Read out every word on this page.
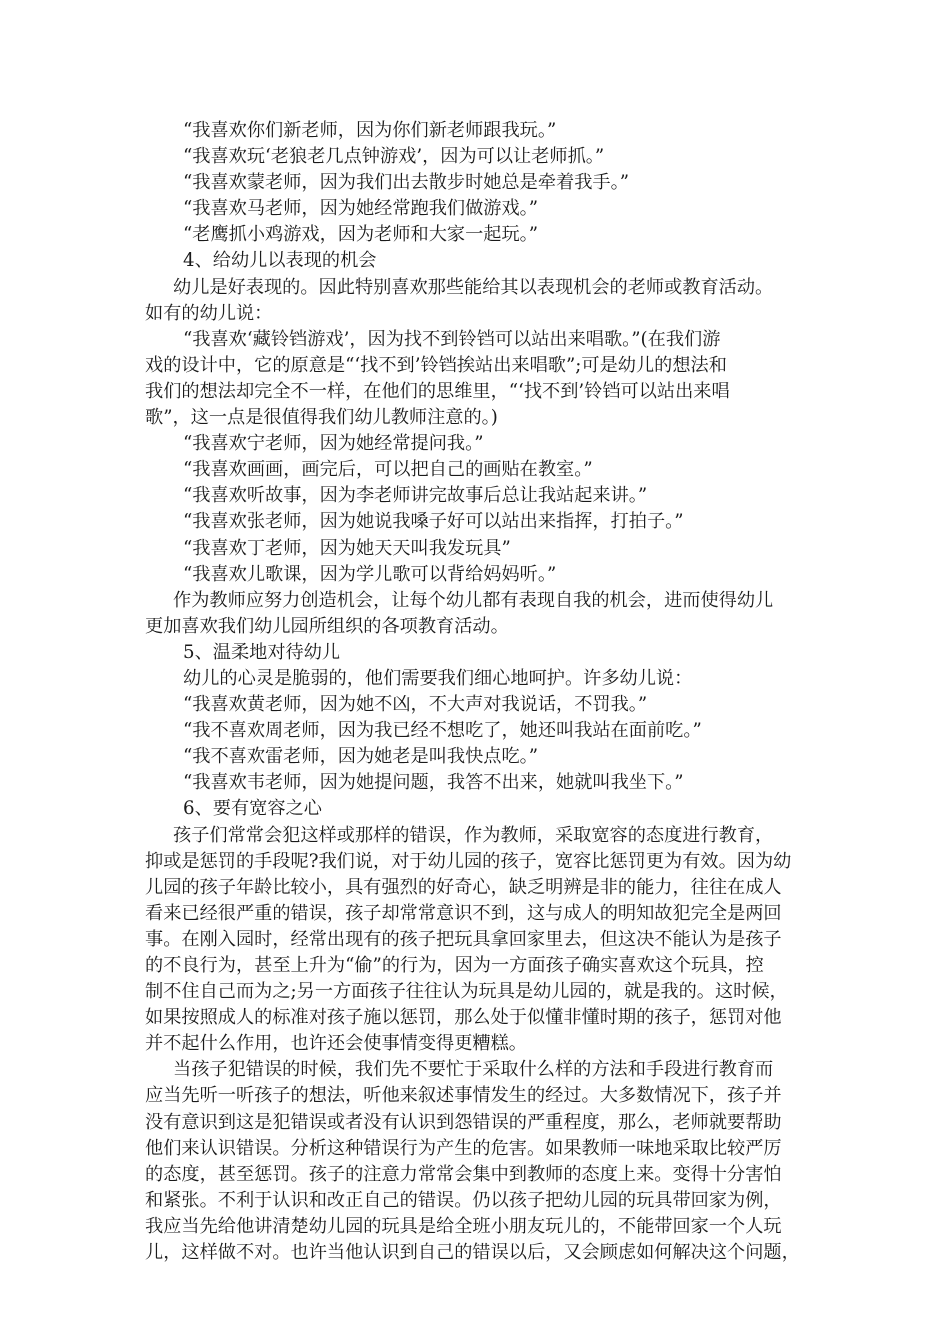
“我喜欢你们新老师，因为你们新老师跟我玩。”
“我喜欢玩‘老狼老几点钟游戏’，因为可以让老师抓。”
“我喜欢蒙老师，因为我们出去散步时她总是牵着我手。”
“我喜欢马老师，因为她经常跑我们做游戏。”
“老鹰抓小鸡游戏，因为老师和大家一起玩。”
4、给幼儿以表现的机会
幼儿是好表现的。因此特别喜欢那些能给其以表现机会的老师或教育活动。
如有的幼儿说：
“我喜欢‘藏铃铛游戏’，因为找不到铃铛可以站出来唱歌。”(在我们游
戏的设计中，它的原意是“‘找不到’铃铛挨站出来唱歌”;可是幼儿的想法和
我们的想法却完全不一样，在他们的思维里，“‘找不到’铃铛可以站出来唱
歌”，这一点是很值得我们幼儿教师注意的。)
“我喜欢宁老师，因为她经常提问我。”
“我喜欢画画，画完后，可以把自己的画贴在教室。”
“我喜欢听故事，因为李老师讲完故事后总让我站起来讲。”
“我喜欢张老师，因为她说我嗓子好可以站出来指挥，打拍子。”
“我喜欢丁老师，因为她天天叫我发玩具”
“我喜欢儿歌课，因为学儿歌可以背给妈妈听。”
作为教师应努力创造机会，让每个幼儿都有表现自我的机会，进而使得幼儿
更加喜欢我们幼儿园所组织的各项教育活动。
5、温柔地对待幼儿
幼儿的心灵是脆弱的，他们需要我们细心地呵护。许多幼儿说：
“我喜欢黄老师，因为她不凶，不大声对我说话，不罚我。”
“我不喜欢周老师，因为我已经不想吃了，她还叫我站在面前吃。”
“我不喜欢雷老师，因为她老是叫我快点吃。”
“我喜欢韦老师，因为她提问题，我答不出来，她就叫我坐下。”
6、要有宽容之心
孩子们常常会犯这样或那样的错误，作为教师，采取宽容的态度进行教育，
抑或是惩罚的手段呢?我们说，对于幼儿园的孩子，宽容比惩罚更为有效。因为幼
儿园的孩子年龄比较小，具有强烈的好奇心，缺乏明辨是非的能力，往往在成人
看来已经很严重的错误，孩子却常常意识不到，这与成人的明知故犯完全是两回
事。在刚入园时，经常出现有的孩子把玩具拿回家里去，但这决不能认为是孩子
的不良行为，甚至上升为“偷”的行为，因为一方面孩子确实喜欢这个玩具，控
制不住自己而为之;另一方面孩子往往认为玩具是幼儿园的，就是我的。这时候，
如果按照成人的标准对孩子施以惩罚，那么处于似懂非懂时期的孩子，惩罚对他
并不起什么作用，也许还会使事情变得更糟糕。
当孩子犯错误的时候，我们先不要忙于采取什么样的方法和手段进行教育而
应当先听一听孩子的想法，听他来叙述事情发生的经过。大多数情况下，孩子并
没有意识到这是犯错误或者没有认识到怨错误的严重程度，那么，老师就要帮助
他们来认识错误。分析这种错误行为产生的危害。如果教师一味地采取比较严厉
的态度，甚至惩罚。孩子的注意力常常会集中到教师的态度上来。变得十分害怕
和紧张。不利于认识和改正自己的错误。仍以孩子把幼儿园的玩具带回家为例，
我应当先给他讲清楚幼儿园的玩具是给全班小朋友玩儿的，不能带回家一个人玩
儿，这样做不对。也许当他认识到自己的错误以后，又会顾虑如何解决这个问题，
